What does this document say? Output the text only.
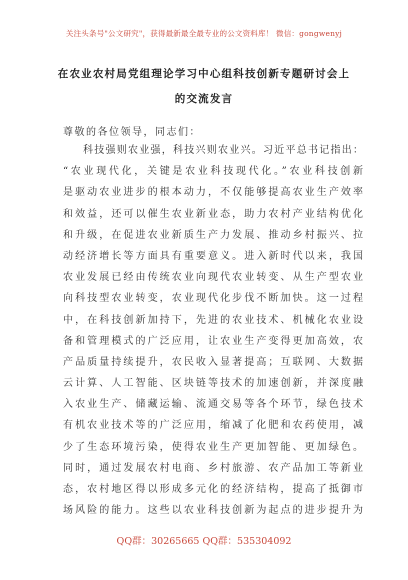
关注头条号"公文研究"，获得最新最全最专业的公文资料库！ 微信：gongwenyj
在农业农村局党组理论学习中心组科技创新专题研讨会上
的交流发言
尊敬的各位领导，同志们：
科技强则农业强，科技兴则农业兴。习近平总书记指出：
“农业现代化，关键是农业科技现代化。”农业科技创新
是驱动农业进步的根本动力，不仅能够提高农业生产效率
和效益，还可以催生农业新业态，助力农村产业结构优化
和升级，在促进农业新质生产力发展、推动乡村振兴、拉
动经济增长等方面具有重要意义。进入新时代以来，我国
农业发展已经由传统农业向现代农业转变、从生产型农业
向科技型农业转变，农业现代化步伐不断加快。这一过程
中，在科技创新加持下，先进的农业技术、机械化农业设
备和管理模式的广泛应用，让农业生产变得更加高效，农
产品质量持续提升，农民收入显著提高；互联网、大数据
云计算、人工智能、区块链等技术的加速创新，并深度融
入农业生产、储藏运输、流通交易等各个环节，绿色技术
有机农业技术等的广泛应用，缩减了化肥和农药使用，减
少了生态环境污染，使得农业生产更加智能、更加绿色。
同时，通过发展农村电商、乡村旅游、农产品加工等新业
态，农村地区得以形成多元化的经济结构，提高了抵御市
场风险的能力。这些以农业科技创新为起点的进步提升为
QQ群：30265665 QQ群：535304092
